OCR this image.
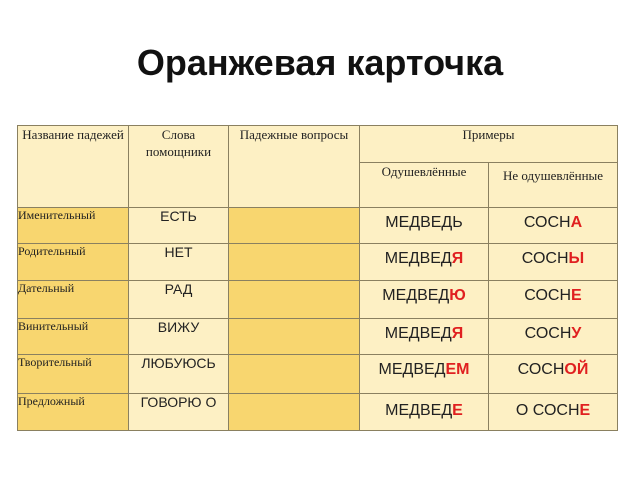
Оранжевая карточка
Название падежей	Слова помощники	Падежные вопросы	Примеры	
			Одушевлённые	Не одушевлённые
Именительный	ЕСТЬ		МЕДВЕДЬ	СОСНА
Родительный	НЕТ		МЕДВЕДЯ	СОСНЫ
Дательный	РАД		МЕДВЕДЮ	СОСНЕ
Винительный	ВИЖУ		МЕДВЕДЯ	СОСНУ
Творительный	ЛЮБУЮСЬ		МЕДВЕДЕМ	СОСНОЙ
Предложный	ГОВОРЮ О		МЕДВЕДЕ	О СОСНЕ
